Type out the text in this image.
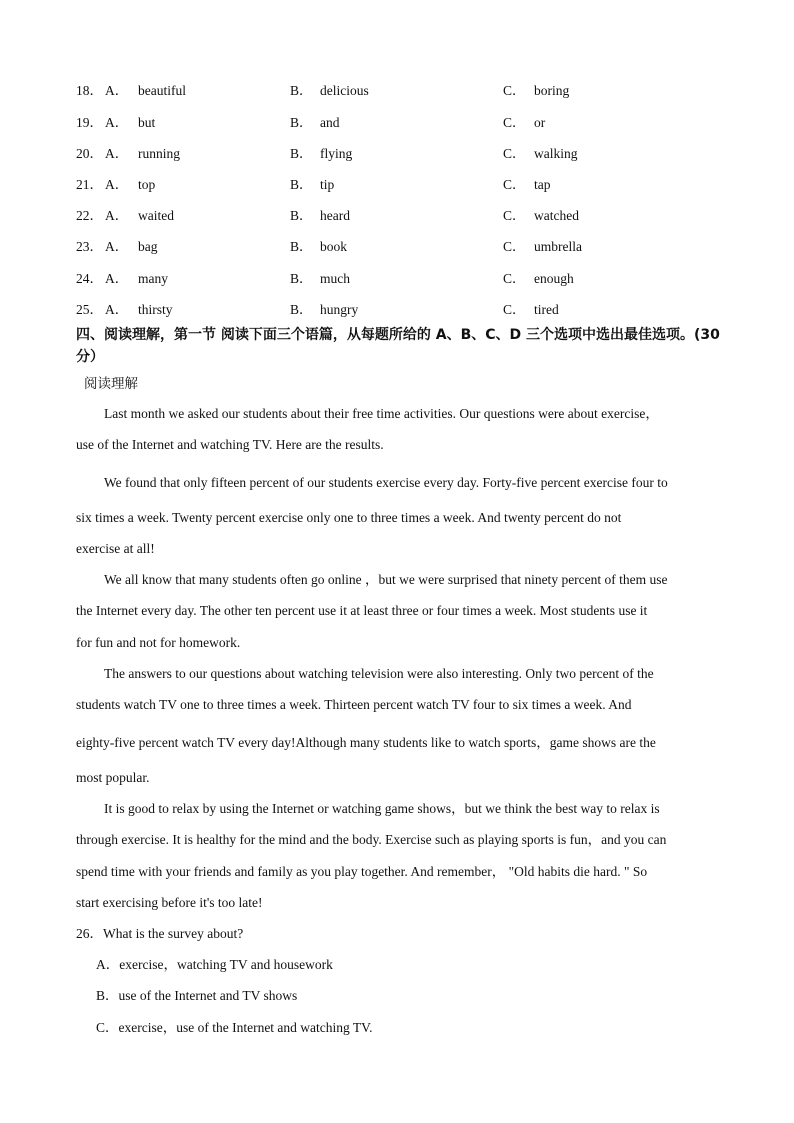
18． A． beautiful	B． delicious	C． boring
19． A． but	B． and	C． or
20． A． running	B． flying	C． walking
21． A． top	B． tip	C． tap
22． A． waited	B． heard	C． watched
23． A． bag	B． book	C． umbrella
24． A． many	B． much	C． enough
25． A． thirsty	B． hungry	C． tired
四、阅读理解，第一节 阅读下面三个语篇，从每题所给的 A、B、C、D 三个选项中选出最佳选项。(30 分）
阅读理解
Last month we asked our students about their free time activities. Our questions were about exercise，
use of the Internet and watching TV. Here are the results.
We found that only fifteen percent of our students exercise every day. Forty-five percent exercise four to
six times a week. Twenty percent exercise only one to three times a week. And twenty percent do not
exercise at all!
We all know that many students often go online ，but we were surprised that ninety percent of them use
the Internet every day. The other ten percent use it at least three or four times a week. Most students use it
for fun and not for homework.
The answers to our questions about watching television were also interesting. Only two percent of the
students watch TV one to three times a week. Thirteen percent watch TV four to six times a week. And
eighty-five percent watch TV every day!Although many students like to watch sports，game shows are the
most popular.
It is good to relax by using the Internet or watching game shows，but we think the best way to relax is
through exercise. It is healthy for the mind and the body. Exercise such as playing sports is fun，and you can
spend time with your friends and family as you play together. And remember， "Old habits die hard. " So
start exercising before it's too late!
26．What is the survey about?
A．exercise，watching TV and housework
B．use of the Internet and TV shows
C．exercise，use of the Internet and watching TV.
